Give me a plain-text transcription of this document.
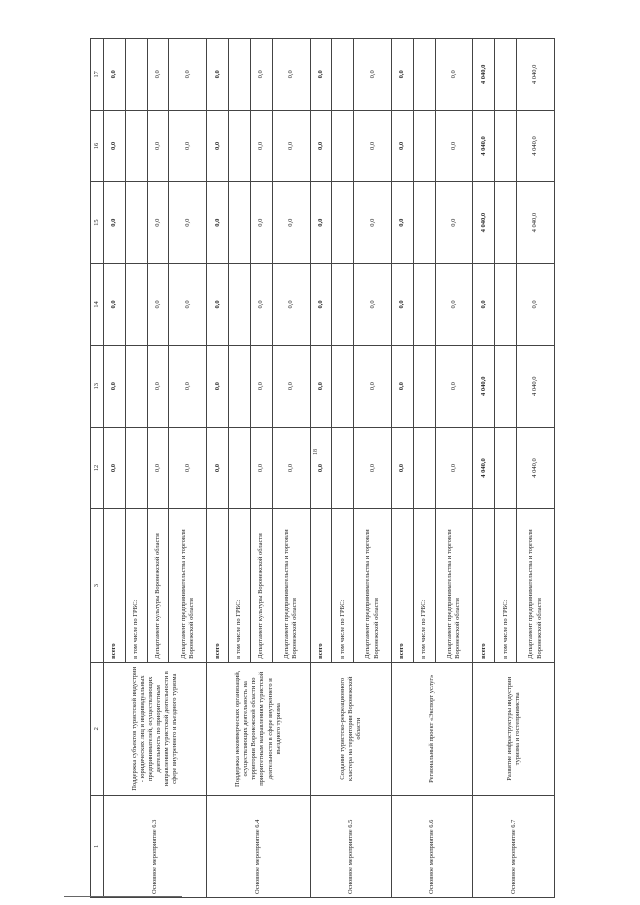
18
1	2	3	12	13	14	15	16	17
Основное мероприятие 6.3	Поддержка субъектов туристской индустрии - юридических лиц и индивидуальных предпринимателей, осуществляющих деятельность по приоритетным направлениям туристской деятельности в сфере внутреннего и въездного туризма	всего	0,0	0,0	0,0	0,0	0,0	0,0
		в том числе по ГРБС:						
		Департамент культуры Воронежской области	0,0	0,0	0,0	0,0	0,0	0,0
		Департамент предпринимательства и торговли Воронежской области	0,0	0,0	0,0	0,0	0,0	0,0
Основное мероприятие 6.4	Поддержка некоммерческих организаций, осуществляющих деятельность на территории Воронежской области по приоритетным направлениям туристской деятельности в сфере внутреннего и въездного туризма	всего	0,0	0,0	0,0	0,0	0,0	0,0
		в том числе по ГРБС:						
		Департамент культуры Воронежской области	0,0	0,0	0,0	0,0	0,0	0,0
		Департамент предпринимательства и торговли Воронежской области	0,0	0,0	0,0	0,0	0,0	0,0
Основное мероприятие 6.5	Создание туристско-рекреационного кластера на территории Воронежской области	всего	0,0	0,0	0,0	0,0	0,0	0,0
		в том числе по ГРБС:						
		Департамент предпринимательства и торговли Воронежской области	0,0	0,0	0,0	0,0	0,0	0,0
Основное мероприятие 6.6	Региональный проект «Экспорт услуг»	всего	0,0	0,0	0,0	0,0	0,0	0,0
		в том числе по ГРБС:						
		Департамент предпринимательства и торговли Воронежской области	0,0	0,0	0,0	0,0	0,0	0,0
Основное мероприятие 6.7	Развитие инфраструктуры индустрии туризма и гостеприимства	всего	4 040,0	4 040,0	0,0	4 040,0	4 040,0	4 040,0
		в том числе по ГРБС:						
		Департамент предпринимательства и торговли Воронежской области	4 040,0	4 040,0	0,0	4 040,0	4 040,0	4 040,0
